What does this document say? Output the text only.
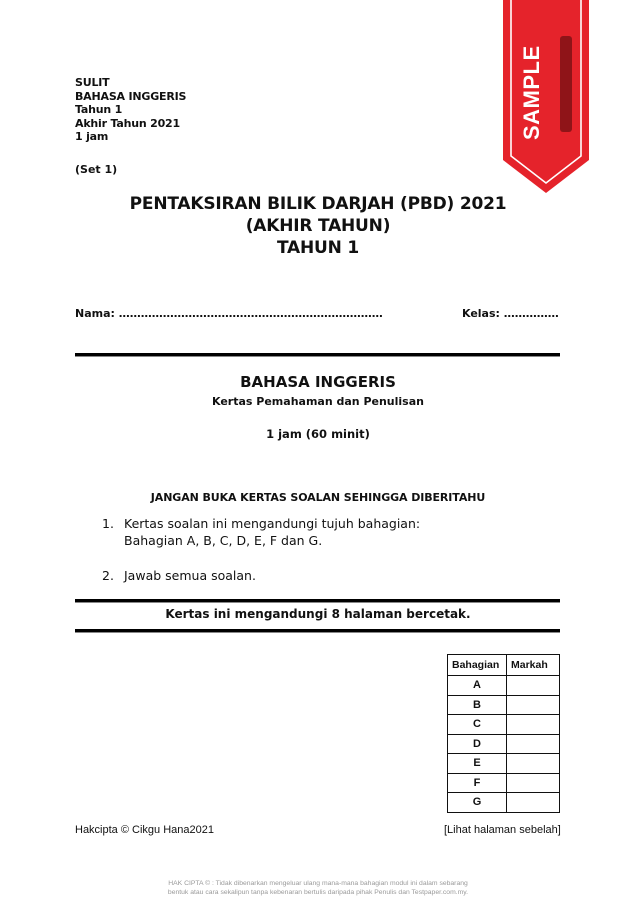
SAMPLE
SULIT
BAHASA INGGERIS
Tahun 1
Akhir Tahun 2021
1 jam
(Set 1)
PENTAKSIRAN BILIK DARJAH (PBD) 2021
(AKHIR TAHUN)
TAHUN 1
Nama: ………………………………………………………………	Kelas: ……………
BAHASA INGGERIS
Kertas Pemahaman dan Penulisan
1 jam (60 minit)
JANGAN BUKA KERTAS SOALAN SEHINGGA DIBERITAHU
1. Kertas soalan ini mengandungi tujuh bahagian:
Bahagian A, B, C, D, E, F dan G.
2. Jawab semua soalan.
Kertas ini mengandungi 8 halaman bercetak.
Bahagian	Markah
A	
B	
C	
D	
E	
F	
G	
Hakcipta © Cikgu Hana2021	[Lihat halaman sebelah]
HAK CIPTA © : Tidak dibenarkan mengeluar ulang mana-mana bahagian modul ini dalam sebarang
bentuk atau cara sekalipun tanpa kebenaran bertulis daripada pihak Penulis dan Testpaper.com.my.
